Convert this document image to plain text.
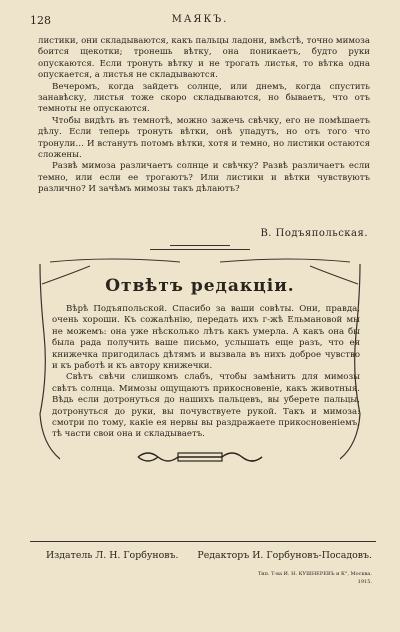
128	МАЯКЪ.

листики, они складываются, какъ пальцы ладони, вмѣстѣ, точно мимоза боится щекотки; тронешь вѣтку, она поникаетъ, будто руки опускаются. Если тронуть вѣтку и не трогать листья, то вѣтка одна опускается, а листья не складываются.

Вечеромъ, когда зайдетъ солнце, или днемъ, когда спустить занавѣску, листья тоже скоро складываются, но бываетъ, что отъ темноты не опускаются.

Чтобы видѣть въ темнотѣ, можно зажечь свѣчку, его не помѣшаетъ дѣлу. Если теперь тронуть вѣтки, онѣ упадутъ, но отъ того что тронули… И встанутъ потомъ вѣтки, хотя и темно, но листики остаются сложены.

Развѣ мимоза различаетъ солнце и свѣчку? Развѣ различаетъ если темно, или если ее трогаютъ? Или листики и вѣтки чувствуютъ различно? И зачѣмъ мимозы такъ дѣлаютъ?

В. Подъяпольская.
Отвѣтъ редакціи.

Вѣрѣ Подъяпольской. Спасибо за ваши совѣты. Они, правда, очень хороши. Къ сожалѣнію, передать ихъ г-жѣ Ельмановой мы не можемъ: она уже нѣсколько лѣтъ какъ умерла. А какъ она бы была рада получить ваше письмо, услышать еще разъ, что ея книжечка пригодилась дѣтямъ и вызвала въ нихъ доброе чувство и къ работѣ и къ автору книжечки.

Свѣтъ свѣчи слишкомъ слабъ, чтобы замѣнить для мимозы свѣтъ солнца. Мимозы ощущаютъ прикосновеніе, какъ животныя. Вѣдь если дотронуться до нашихъ пальцевъ, вы уберете пальцы, дотронуться до руки, вы почувствуете рукой. Такъ и мимоза: смотри по тому, какіе ея нервы вы раздражаете прикосновеніемъ, тѣ части свои она и складываетъ.

Издатель Л. Н. Горбуновъ. Редакторъ И. Горбуновъ-Посадовъ.
Тип. Т-ва И. Н. КУШНЕРЕВЪ и К°, Москва.
1915.
